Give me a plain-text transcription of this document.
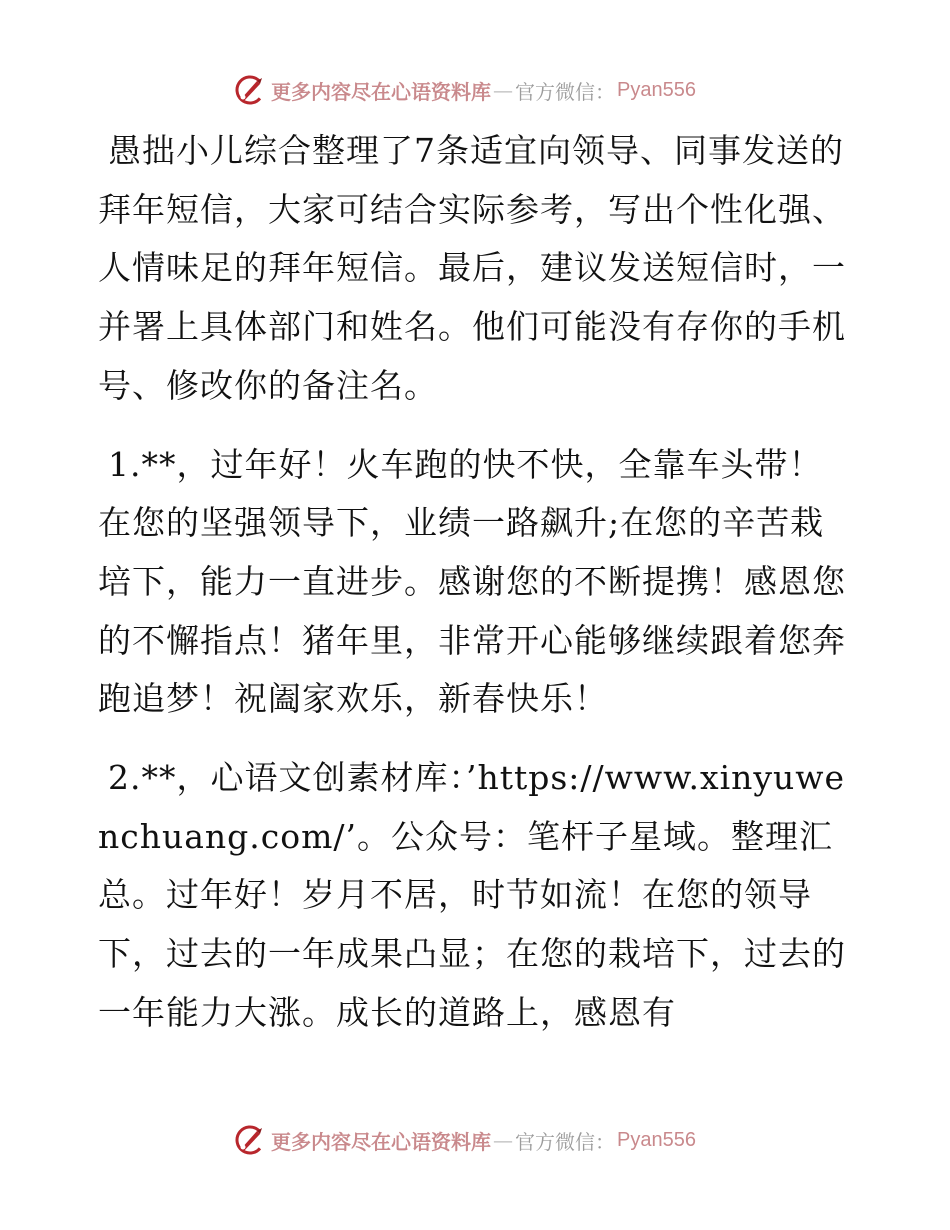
更多内容尽在心语资料库 — 官方微信： Pyan556

愚拙小儿综合整理了7条适宜向领导、同事发送的拜年短信，大家可结合实际参考，写出个性化强、人情味足的拜年短信。最后，建议发送短信时，一并署上具体部门和姓名。他们可能没有存你的手机号、修改你的备注名。

1.**，过年好！火车跑的快不快，全靠车头带！在您的坚强领导下，业绩一路飙升;在您的辛苦栽培下，能力一直进步。感谢您的不断提携！感恩您的不懈指点！猪年里，非常开心能够继续跟着您奔跑追梦！祝阖家欢乐，新春快乐！

2.**，心语文创素材库：’https://www.xinyuwenchuang.com/’。公众号：笔杆子星域。整理汇总。过年好！岁月不居，时节如流！在您的领导下，过去的一年成果凸显；在您的栽培下，过去的一年能力大涨。成长的道路上，感恩有

更多内容尽在心语资料库 — 官方微信： Pyan556
